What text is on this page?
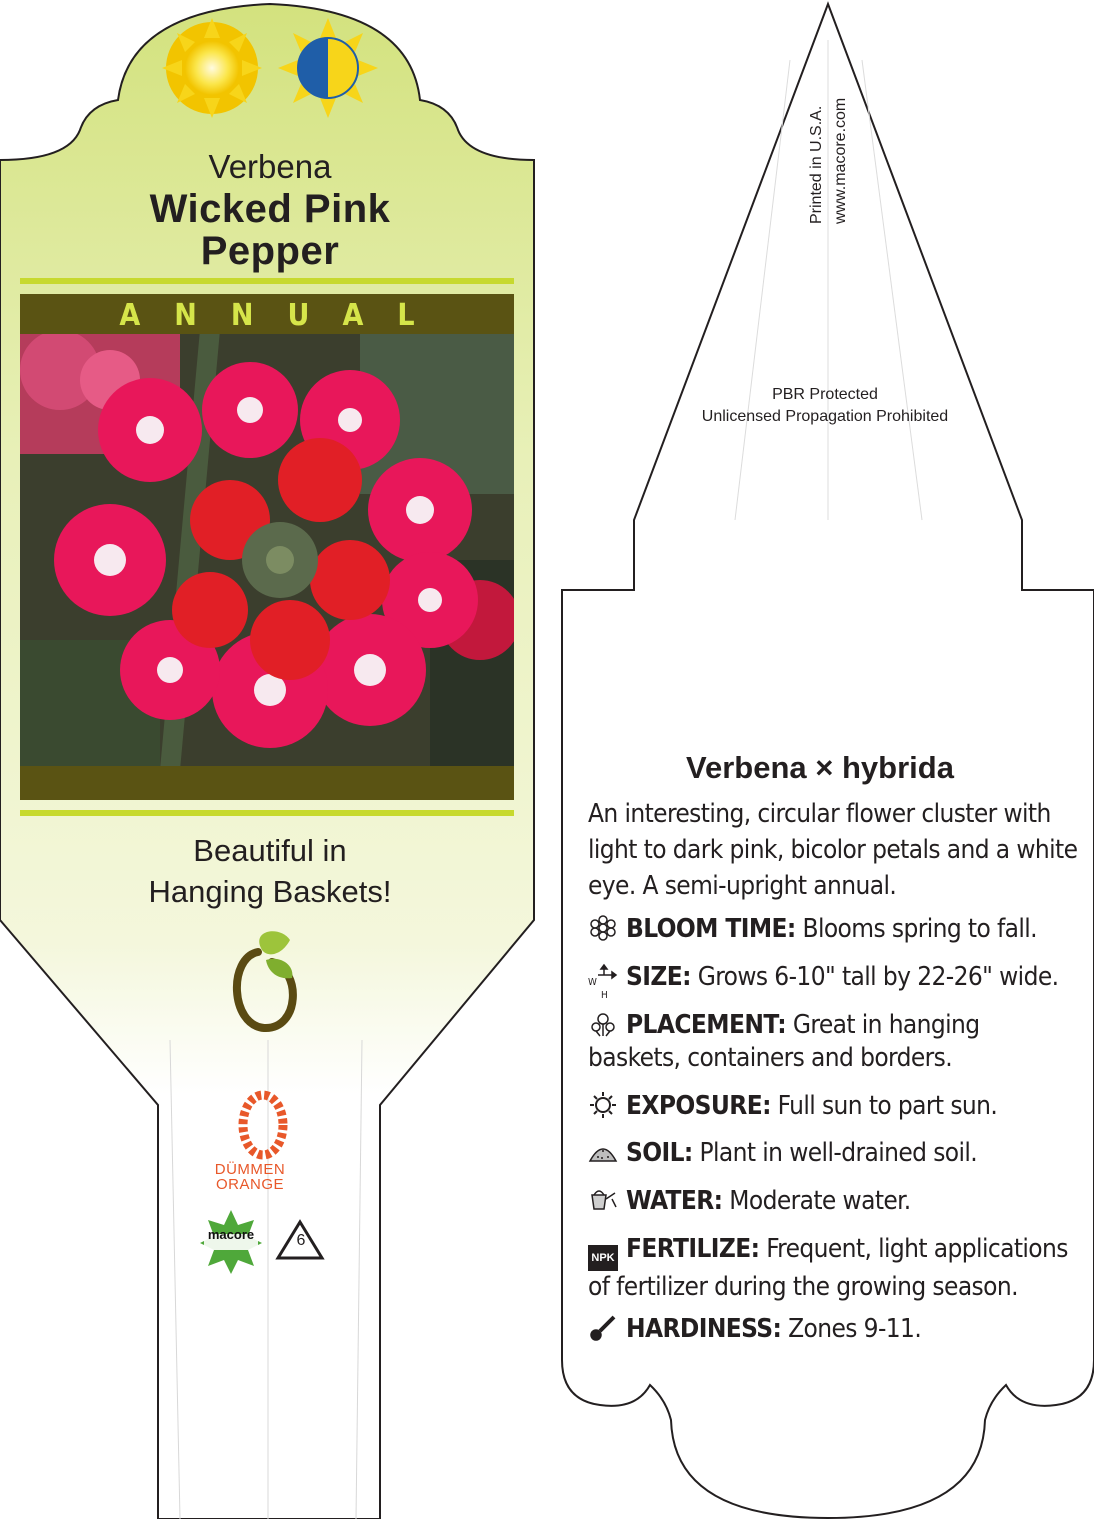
Verbena
Wicked Pink
Pepper
ANNUAL
Beautiful in
Hanging Baskets!
DÜMMEN
ORANGE
macore	6
Printed in U.S.A. www.macore.com
PBR Protected
Unlicensed Propagation Prohibited
Verbena × hybrida
An interesting, circular flower cluster with light to dark pink, bicolor petals and a white eye. A semi-upright annual.
BLOOM TIME: Blooms spring to fall.
W
H
SIZE: Grows 6-10" tall by 22-26" wide.
PLACEMENT: Great in hanging baskets, containers and borders.
EXPOSURE: Full sun to part sun.
SOIL: Plant in well-drained soil.
WATER: Moderate water.
NPK FERTILIZE: Frequent, light applications of fertilizer during the growing season.
HARDINESS: Zones 9-11.
